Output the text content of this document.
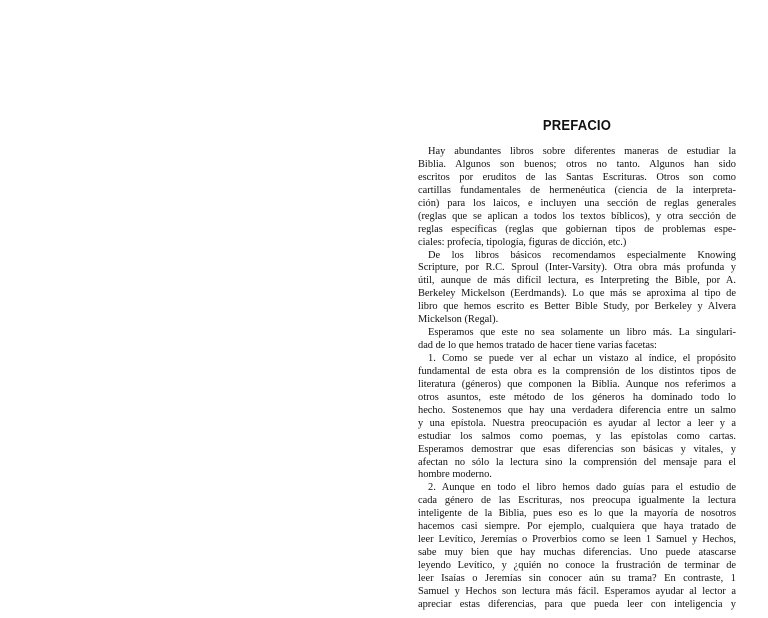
PREFACIO
Hay abundantes libros sobre diferentes maneras de estudiar la
Biblia. Algunos son buenos; otros no tanto. Algunos han sido
escritos por eruditos de las Santas Escrituras. Otros son como
cartillas fundamentales de hermenéutica (ciencia de la interpreta-
ción) para los laicos, e incluyen una sección de reglas generales
(reglas que se aplican a todos los textos bíblicos), y otra sección de
reglas específicas (reglas que gobiernan tipos de problemas espe-
ciales: profecía, tipología, figuras de dicción, etc.)
De los libros básicos recomendamos especialmente Knowing
Scripture, por R.C. Sproul (Inter-Varsity). Otra obra más profunda y
útil, aunque de más difícil lectura, es Interpreting the Bible, por A.
Berkeley Mickelson (Eerdmands). Lo que más se aproxima al tipo de
libro que hemos escrito es Better Bible Study, por Berkeley y Alvera
Mickelson (Regal).
Esperamos que este no sea solamente un libro más. La singulari-
dad de lo que hemos tratado de hacer tiene varias facetas:
1. Como se puede ver al echar un vistazo al índice, el propósito
fundamental de esta obra es la comprensión de los distintos tipos de
literatura (géneros) que componen la Biblia. Aunque nos referimos a
otros asuntos, este método de los géneros ha dominado todo lo
hecho. Sostenemos que hay una verdadera diferencia entre un salmo
y una epístola. Nuestra preocupación es ayudar al lector a leer y a
estudiar los salmos como poemas, y las epístolas como cartas.
Esperamos demostrar que esas diferencias son básicas y vitales, y
afectan no sólo la lectura sino la comprensión del mensaje para el
hombre moderno.
2. Aunque en todo el libro hemos dado guías para el estudio de
cada género de las Escrituras, nos preocupa igualmente la lectura
inteligente de la Biblia, pues eso es lo que la mayoría de nosotros
hacemos casi siempre. Por ejemplo, cualquiera que haya tratado de
leer Levítico, Jeremías o Proverbios como se leen 1 Samuel y Hechos,
sabe muy bien que hay muchas diferencias. Uno puede atascarse
leyendo Levítico, y ¿quién no conoce la frustración de terminar de
leer Isaías o Jeremías sin conocer aún su trama? En contraste, 1
Samuel y Hechos son lectura más fácil. Esperamos ayudar al lector a
apreciar estas diferencias, para que pueda leer con inteligencia y
